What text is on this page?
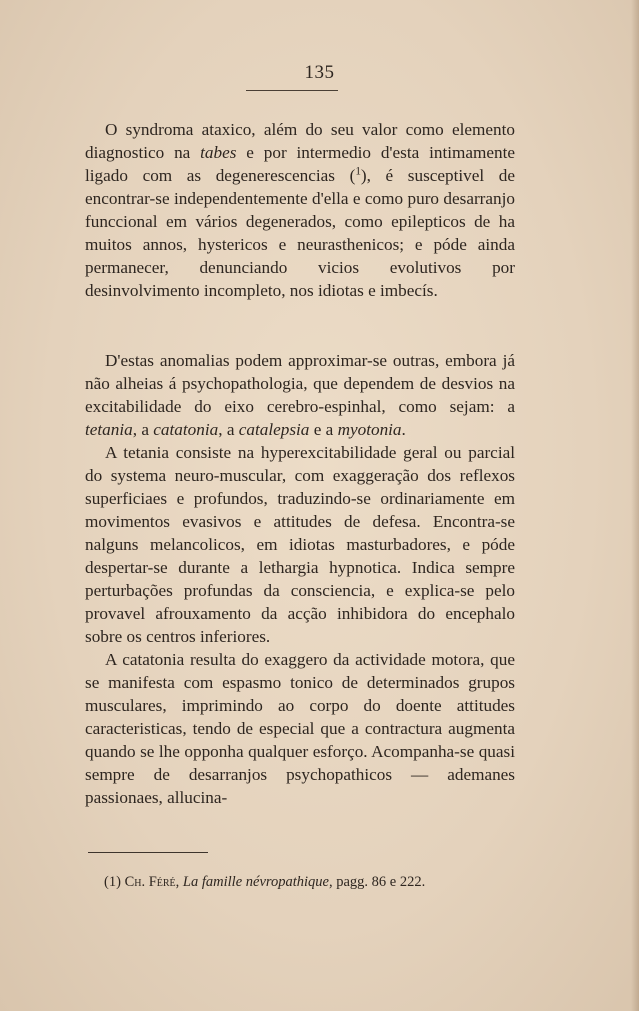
135

O syndroma ataxico, além do seu valor como elemento diagnostico na tabes e por intermedio d'esta intimamente ligado com as degenerescencias ($^1$), é susceptivel de encontrar-se independentemente d'ella e como puro desarranjo funccional em vários degenerados, como epilepticos de ha muitos annos, hystericos e neurasthenicos; e póde ainda permanecer, denunciando vicios evolutivos por desinvolvimento incompleto, nos idiotas e imbecís.

D'estas anomalias podem approximar-se outras, embora já não alheias á psychopathologia, que dependem de desvios na excitabilidade do eixo cerebro-espinhal, como sejam: a tetania, a catatonia, a catalepsia e a myotonia.

A tetania consiste na hyperexcitabilidade geral ou parcial do systema neuro-muscular, com exaggeração dos reflexos superficiaes e profundos, traduzindo-se ordinariamente em movimentos evasivos e attitudes de defesa. Encontra-se nalguns melancolicos, em idiotas masturbadores, e póde despertar-se durante a lethargia hypnotica. Indica sempre perturbações profundas da consciencia, e explica-se pelo provavel afrouxamento da acção inhibidora do encephalo sobre os centros inferiores.

A catatonia resulta do exaggero da actividade motora, que se manifesta com espasmo tonico de determinados grupos musculares, imprimindo ao corpo do doente attitudes caracteristicas, tendo de especial que a contractura augmenta quando se lhe opponha qualquer esforço. Acompanha-se quasi sempre de desarranjos psychopathicos — ademanes passionaes, allucina-

(1) Ch. Féré, La famille névropathique, pagg. 86 e 222.
